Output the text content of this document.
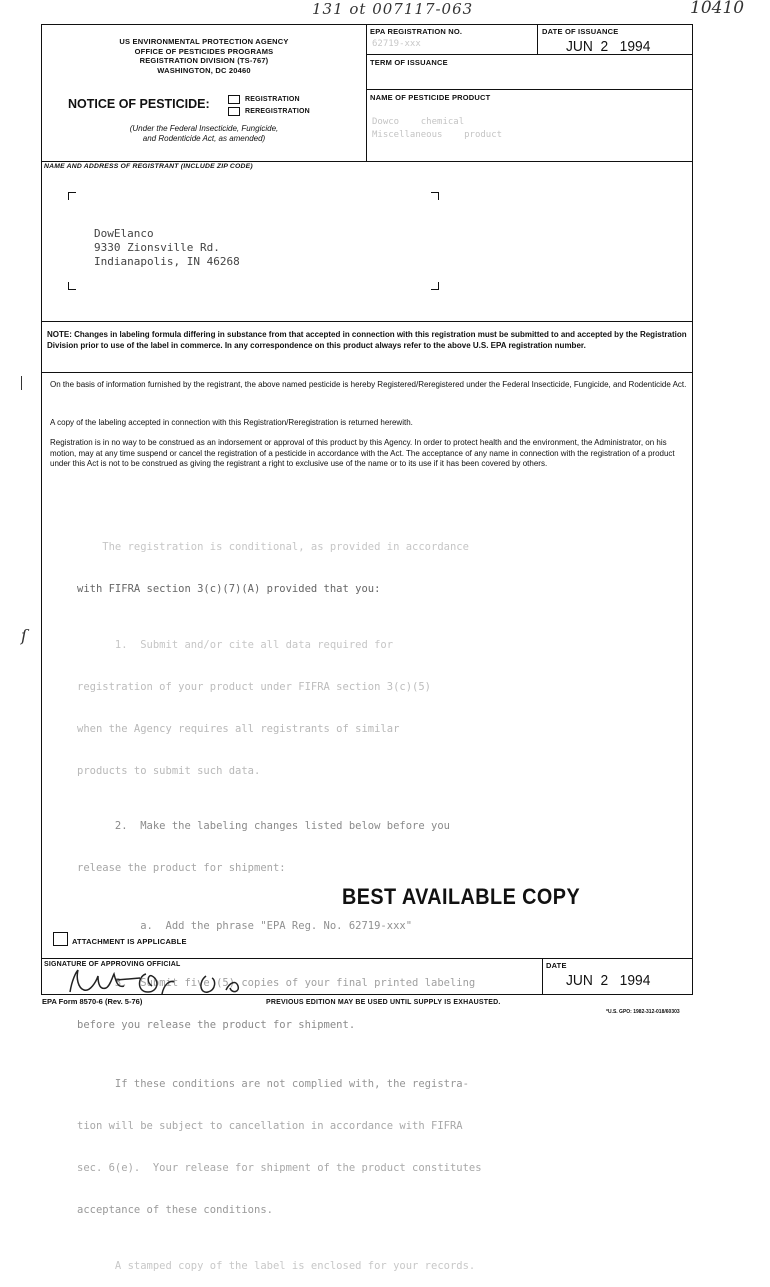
131 ot 007117-063	10410
ſ
US ENVIRONMENTAL PROTECTION AGENCY
OFFICE OF PESTICIDES PROGRAMS
REGISTRATION DIVISION (TS-767)
WASHINGTON, DC 20460
NOTICE OF PESTICIDE:	REGISTRATION
REREGISTRATION
(Under the Federal Insecticide, Fungicide,
and Rodenticide Act, as amended)
EPA REGISTRATION NO.
62719-xxx
DATE OF ISSUANCE
JUN  2   1994
TERM OF ISSUANCE
NAME OF PESTICIDE PRODUCT
Dowco    chemical
Miscellaneous    product
NAME AND ADDRESS OF REGISTRANT (INCLUDE ZIP CODE)
DowElanco
9330 Zionsville Rd.
Indianapolis, IN 46268
NOTE: Changes in labeling formula differing in substance from that accepted in connection with this registration must be submitted to and accepted by the Registration Division prior to use of the label in commerce. In any correspondence on this product always refer to the above U.S. EPA registration number.
On the basis of information furnished by the registrant, the above named pesticide is hereby Registered/Reregistered under the Federal Insecticide, Fungicide, and Rodenticide Act.
A copy of the labeling accepted in connection with this Registration/Reregistration is returned herewith.
Registration is in no way to be construed as an indorsement or approval of this product by this Agency. In order to protect health and the environment, the Administrator, on his motion, may at any time suspend or cancel the registration of a pesticide in accordance with the Act. The acceptance of any name in connection with the registration of a product under this Act is not to be construed as giving the registrant a right to exclusive use of the name or to its use if it has been covered by others.

The registration is conditional, as provided in accordance

with FIFRA section 3(c)(7)(A) provided that you:

1.  Submit and/or cite all data required for

registration of your product under FIFRA section 3(c)(5)

when the Agency requires all registrants of similar

products to submit such data.

2.  Make the labeling changes listed below before you

release the product for shipment:

a.  Add the phrase "EPA Reg. No. 62719-xxx"

3.  Submit five (5) copies of your final printed labeling

before you release the product for shipment.

If these conditions are not complied with, the registra-

tion will be subject to cancellation in accordance with FIFRA

sec. 6(e).  Your release for shipment of the product constitutes

acceptance of these conditions.

A stamped copy of the label is enclosed for your records.

BEST AVAILABLE COPY
ATTACHMENT IS APPLICABLE
SIGNATURE OF APPROVING OFFICIAL	DATE
JUN  2   1994
EPA Form 8570-6 (Rev. 5-76)	PREVIOUS EDITION MAY BE USED UNTIL SUPPLY IS EXHAUSTED.
*U.S. GPO: 1982-312-018/60303
